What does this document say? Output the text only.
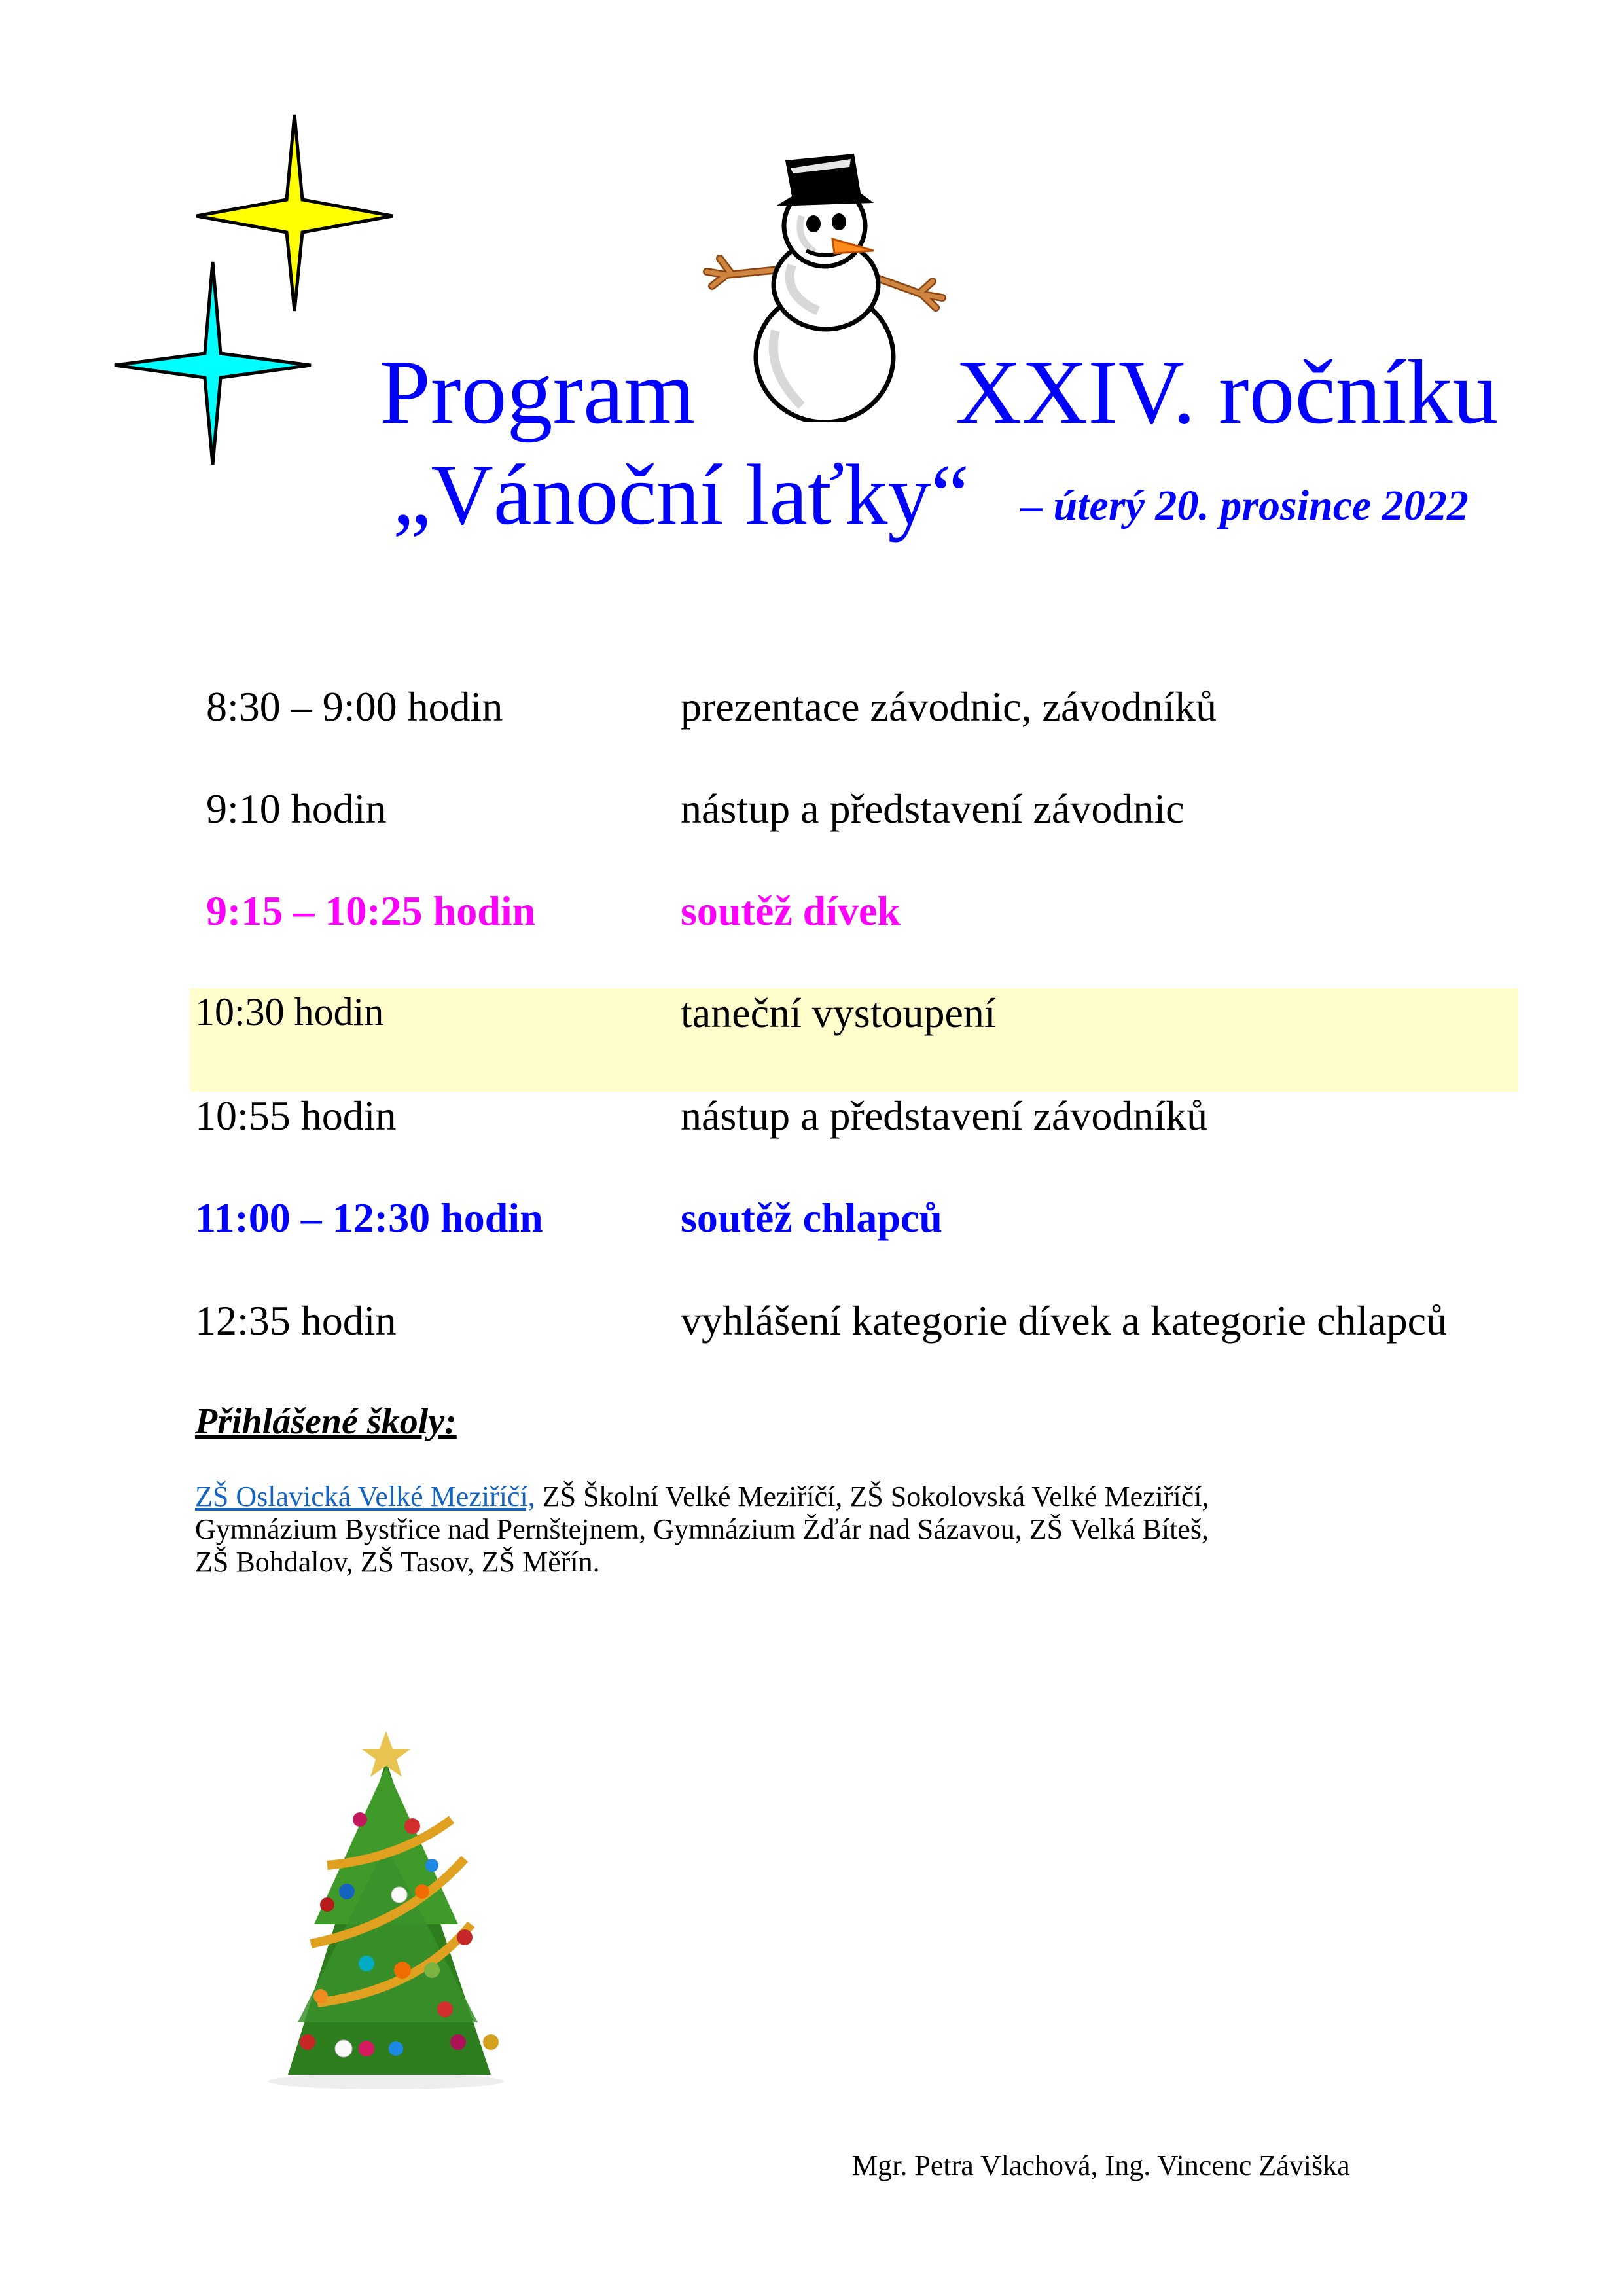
Program	XXIV. ročníku
„Vánoční laťky“ – úterý 20. prosince 2022
8:30 – 9:00 hodin	prezentace závodnic, závodníků
9:10 hodin	nástup a představení závodnic
9:15 – 10:25 hodin	soutěž dívek
10:30 hodin	taneční vystoupení
10:55 hodin	nástup a představení závodníků
11:00 – 12:30 hodin	soutěž chlapců
12:35 hodin	vyhlášení kategorie dívek a kategorie chlapců
Přihlášené školy:
ZŠ Oslavická Velké Meziříčí, ZŠ Školní Velké Meziříčí, ZŠ Sokolovská Velké Meziříčí,
Gymnázium Bystřice nad Pernštejnem, Gymnázium Žďár nad Sázavou, ZŠ Velká Bíteš,
ZŠ Bohdalov, ZŠ Tasov, ZŠ Měřín.
Mgr. Petra Vlachová, Ing. Vincenc Záviška
